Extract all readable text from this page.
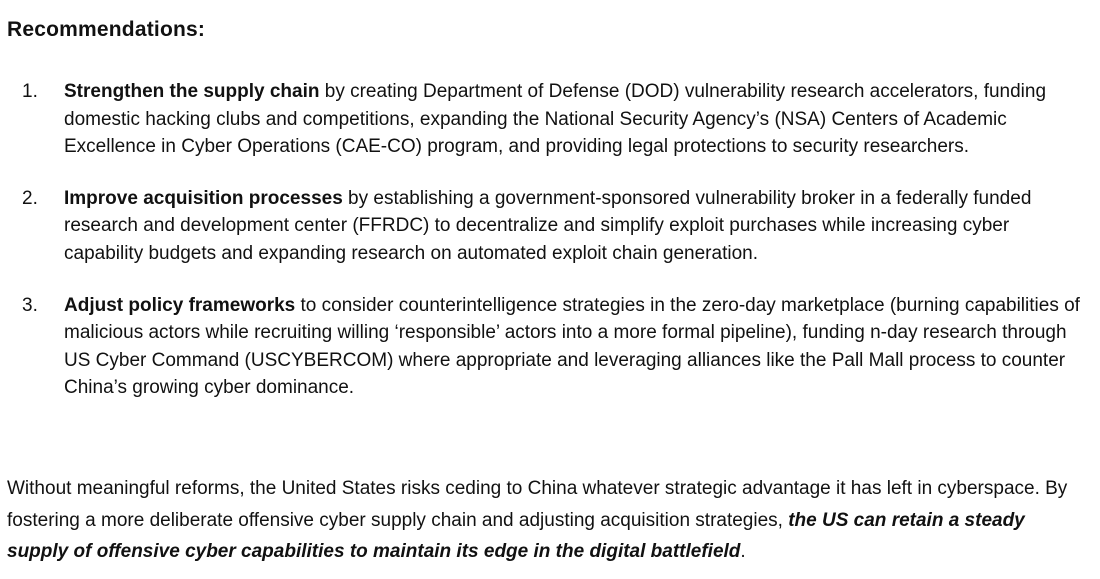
Recommendations:
1. Strengthen the supply chain by creating Department of Defense (DOD) vulnerability research accelerators, funding domestic hacking clubs and competitions, expanding the National Security Agency’s (NSA) Centers of Academic Excellence in Cyber Operations (CAE-CO) program, and providing legal protections to security researchers.
2. Improve acquisition processes by establishing a government-sponsored vulnerability broker in a federally funded research and development center (FFRDC) to decentralize and simplify exploit purchases while increasing cyber capability budgets and expanding research on automated exploit chain generation.
3. Adjust policy frameworks to consider counterintelligence strategies in the zero-day marketplace (burning capabilities of malicious actors while recruiting willing ‘responsible’ actors into a more formal pipeline), funding n-day research through US Cyber Command (USCYBERCOM) where appropriate and leveraging alliances like the Pall Mall process to counter China’s growing cyber dominance.

Without meaningful reforms, the United States risks ceding to China whatever strategic advantage it has left in cyberspace. By fostering a more deliberate offensive cyber supply chain and adjusting acquisition strategies, the US can retain a steady supply of offensive cyber capabilities to maintain its edge in the digital battlefield.
